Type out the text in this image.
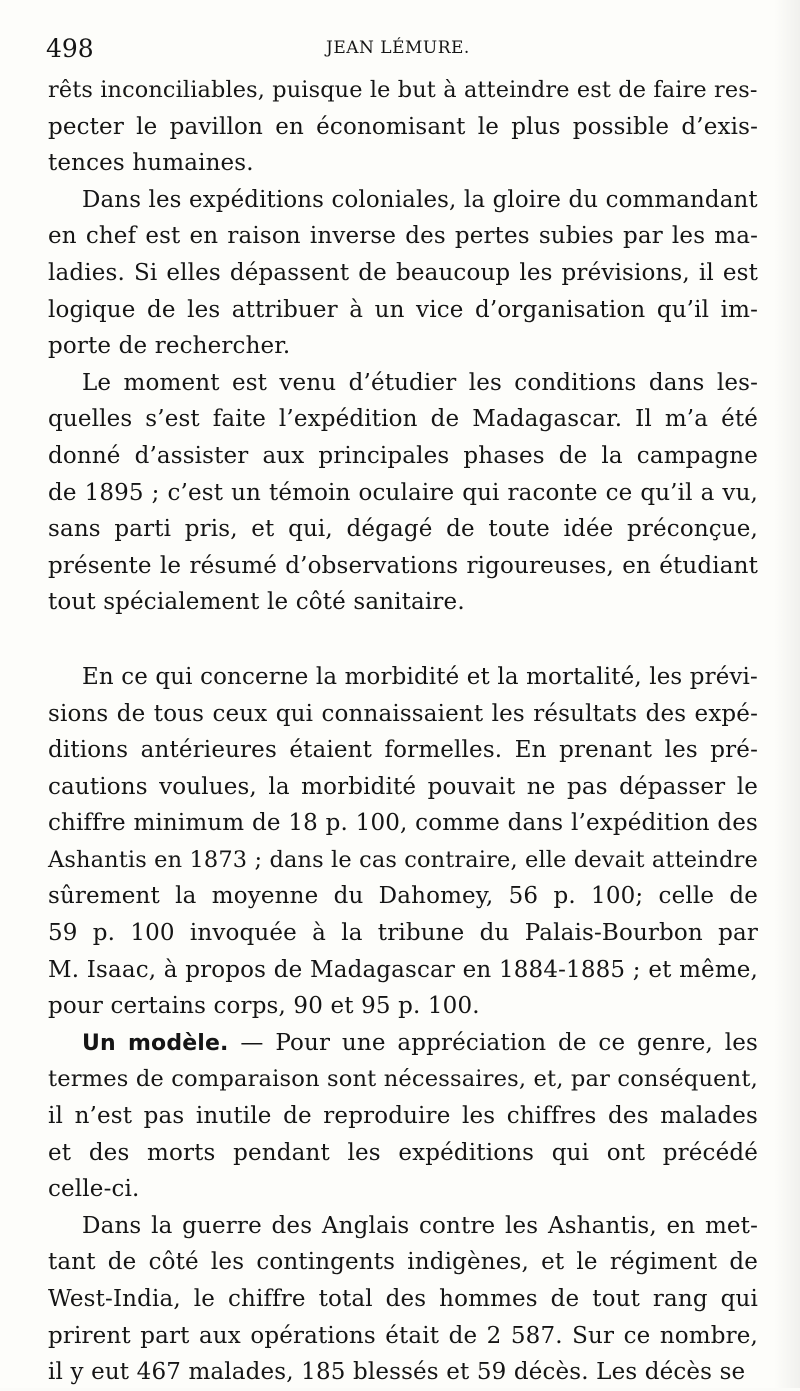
498	JEAN LÉMURE.
rêts inconciliables, puisque le but à atteindre est de faire res-
pecter le pavillon en économisant le plus possible d’exis-
tences humaines.
Dans les expéditions coloniales, la gloire du commandant
en chef est en raison inverse des pertes subies par les ma-
ladies. Si elles dépassent de beaucoup les prévisions, il est
logique de les attribuer à un vice d’organisation qu’il im-
porte de rechercher.
Le moment est venu d’étudier les conditions dans les-
quelles s’est faite l’expédition de Madagascar. Il m’a été
donné d’assister aux principales phases de la campagne
de 1895 ; c’est un témoin oculaire qui raconte ce qu’il a vu,
sans parti pris, et qui, dégagé de toute idée préconçue,
présente le résumé d’observations rigoureuses, en étudiant
tout spécialement le côté sanitaire.
En ce qui concerne la morbidité et la mortalité, les prévi-
sions de tous ceux qui connaissaient les résultats des expé-
ditions antérieures étaient formelles. En prenant les pré-
cautions voulues, la morbidité pouvait ne pas dépasser le
chiffre minimum de 18 p. 100, comme dans l’expédition des
Ashantis en 1873 ; dans le cas contraire, elle devait atteindre
sûrement la moyenne du Dahomey, 56 p. 100; celle de
59 p. 100 invoquée à la tribune du Palais-Bourbon par
M. Isaac, à propos de Madagascar en 1884-1885 ; et même,
pour certains corps, 90 et 95 p. 100.
Un modèle. — Pour une appréciation de ce genre, les
termes de comparaison sont nécessaires, et, par conséquent,
il n’est pas inutile de reproduire les chiffres des malades
et des morts pendant les expéditions qui ont précédé
celle-ci.
Dans la guerre des Anglais contre les Ashantis, en met-
tant de côté les contingents indigènes, et le régiment de
West-India, le chiffre total des hommes de tout rang qui
prirent part aux opérations était de 2 587. Sur ce nombre,
il y eut 467 malades, 185 blessés et 59 décès. Les décès se
